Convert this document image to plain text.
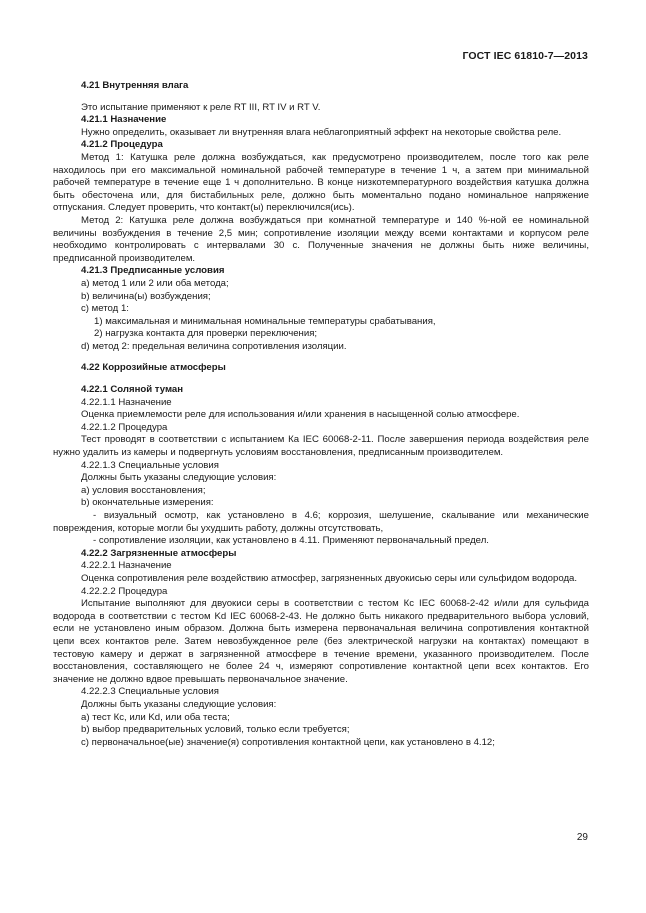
ГОСТ IEC 61810-7—2013

4.21 Внутренняя влага

Это испытание применяют к реле RT III, RT IV и RT V.

4.21.1 Назначение

Нужно определить, оказывает ли внутренняя влага неблагоприятный эффект на некоторые свойства реле.

4.21.2 Процедура

Метод 1: Катушка реле должна возбуждаться, как предусмотрено производителем, после того как реле находилось при его максимальной номинальной рабочей температуре в течение 1 ч, а затем при минимальной рабочей температуре в течение еще 1 ч дополнительно. В конце низкотемпературного воздействия катушка должна быть обесточена или, для бистабильных реле, должно быть моментально подано номинальное напряжение отпускания. Следует проверить, что контакт(ы) переключился(ись).

Метод 2: Катушка реле должна возбуждаться при комнатной температуре и 140 %-ной ее номинальной величины возбуждения в течение 2,5 мин; сопротивление изоляции между всеми контактами и корпусом реле необходимо контролировать с интервалами 30 с. Полученные значения не должны быть ниже величины, предписанной производителем.

4.21.3 Предписанные условия

a) метод 1 или 2 или оба метода;

b) величина(ы) возбуждения;

c) метод 1:

1) максимальная и минимальная номинальные температуры срабатывания,

2) нагрузка контакта для проверки переключения;

d) метод 2: предельная величина сопротивления изоляции.

4.22 Коррозийные атмосферы

4.22.1 Соляной туман

4.22.1.1 Назначение

Оценка приемлемости реле для использования и/или хранения в насыщенной солью атмосфере.

4.22.1.2 Процедура

Тест проводят в соответствии с испытанием Ка IEC 60068-2-11. После завершения периода воздействия реле нужно удалить из камеры и подвергнуть условиям восстановления, предписанным производителем.

4.22.1.3 Специальные условия

Должны быть указаны следующие условия:

a) условия восстановления;

b) окончательные измерения:

- визуальный осмотр, как установлено в 4.6; коррозия, шелушение, скалывание или механические повреждения, которые могли бы ухудшить работу, должны отсутствовать,

- сопротивление изоляции, как установлено в 4.11. Применяют первоначальный предел.

4.22.2 Загрязненные атмосферы

4.22.2.1 Назначение

Оценка сопротивления реле воздействию атмосфер, загрязненных двуокисью серы или сульфидом водорода.

4.22.2.2 Процедура

Испытание выполняют для двуокиси серы в соответствии с тестом Кс IEC 60068-2-42 и/или для сульфида водорода в соответствии с тестом Kd IEC 60068-2-43. Не должно быть никакого предварительного выбора условий, если не установлено иным образом. Должна быть измерена первоначальная величина сопротивления контактной цепи всех контактов реле. Затем невозбужденное реле (без электрической нагрузки на контактах) помещают в тестовую камеру и держат в загрязненной атмосфере в течение времени, указанного производителем. После восстановления, составляющего не более 24 ч, измеряют сопротивление контактной цепи всех контактов. Его значение не должно вдвое превышать первоначальное значение.

4.22.2.3 Специальные условия

Должны быть указаны следующие условия:

a) тест Кс, или Kd, или оба теста;

b) выбор предварительных условий, только если требуется;

c) первоначальное(ые) значение(я) сопротивления контактной цепи, как установлено в 4.12;

29
